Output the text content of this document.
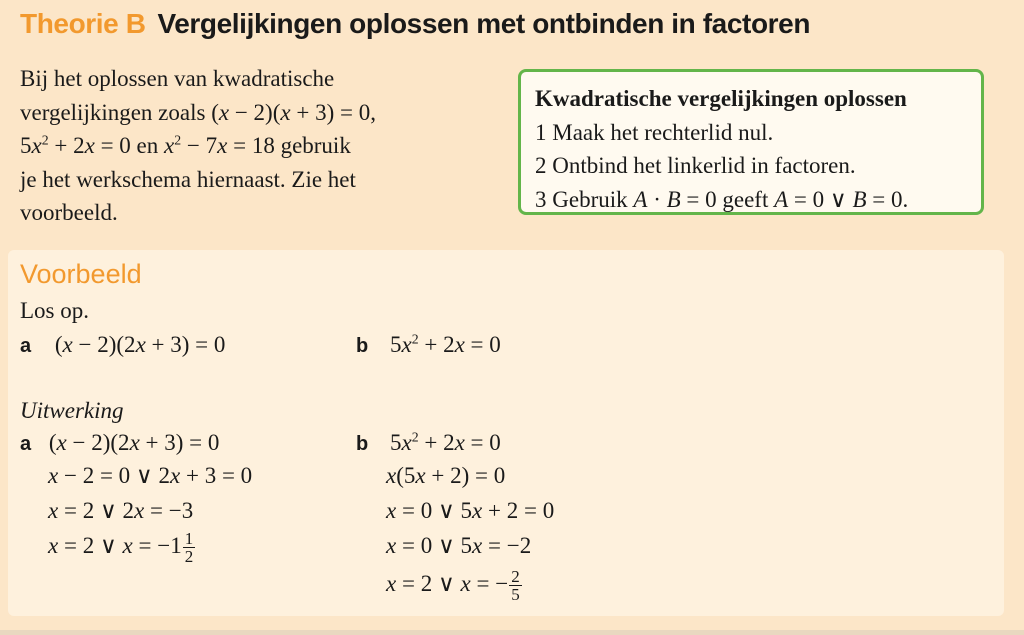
Theorie B Vergelijkingen oplossen met ontbinden in factoren
Bij het oplossen van kwadratische
vergelijkingen zoals (x − 2)(x + 3) = 0,
$5x^2 + 2x = 0$ en $x^2 - 7x = 18$ gebruik
je het werkschema hiernaast. Zie het
voorbeeld.
Kwadratische vergelijkingen oplossen
1 Maak het rechterlid nul.
2 Ontbind het linkerlid in factoren.
3 Gebruik A · B = 0 geeft A = 0 ∨ B = 0.
Voorbeeld
Los op.
a (x − 2)(2x + 3) = 0	b $5x^2 + 2x = 0$
Uitwerking
a (x − 2)(2x + 3) = 0
x − 2 = 0 ∨ 2x + 3 = 0
x = 2 ∨ 2x = −3
x = 2 ∨ $x = -1 \frac{1}{2}$
b $5x^2 + 2x = 0$
x(5x + 2) = 0
x = 0 ∨ 5x + 2 = 0
x = 0 ∨ 5x = −2
x = 2 ∨ x = − $\frac{2}{5}$
